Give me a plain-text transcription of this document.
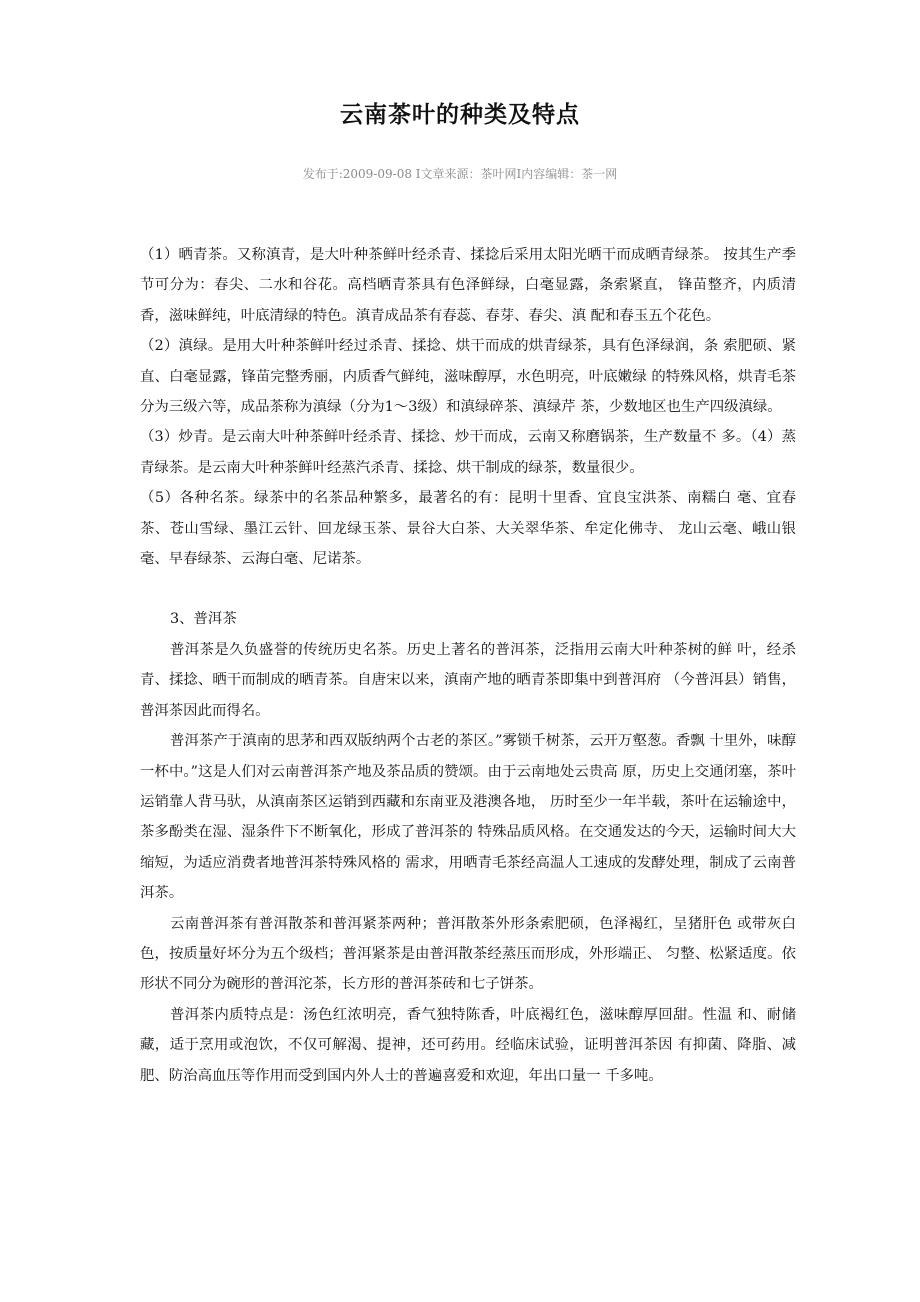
云南茶叶的种类及特点
发布于:2009-09-08 I文章来源：茶叶网I内容编辑：茶一网

（1）晒青茶。又称滇青，是大叶种茶鲜叶经杀青、揉捻后采用太阳光晒干而成晒青绿茶。 按其生产季节可分为：春尖、二水和谷花。高档晒青茶具有色泽鲜绿，白毫显露，条索紧直， 锋苗整齐，内质清香，滋味鲜纯，叶底清绿的特色。滇青成品茶有春蕊、春芽、春尖、滇 配和春玉五个花色。

（2）滇绿。是用大叶种茶鲜叶经过杀青、揉捻、烘干而成的烘青绿茶，具有色泽绿润，条 索肥硕、紧直、白毫显露，锋苗完整秀丽，内质香气鲜纯，滋味醇厚，水色明亮，叶底嫩绿 的特殊风格，烘青毛茶分为三级六等，成品茶称为滇绿（分为1～3级）和滇绿碎茶、滇绿芹 茶，少数地区也生产四级滇绿。

（3）炒青。是云南大叶种茶鲜叶经杀青、揉捻、炒干而成，云南又称磨锅茶，生产数量不 多。（4）蒸青绿茶。是云南大叶种茶鲜叶经蒸汽杀青、揉捻、烘干制成的绿茶，数量很少。

（5）各种名茶。绿茶中的名茶品种繁多，最著名的有：昆明十里香、宜良宝洪茶、南糯白 毫、宜春茶、苍山雪绿、墨江云针、回龙绿玉茶、景谷大白茶、大关翠华茶、牟定化佛寺、 龙山云毫、峨山银毫、早春绿茶、云海白毫、尼诺茶。

3、普洱茶

普洱茶是久负盛誉的传统历史名茶。历史上著名的普洱茶，泛指用云南大叶种茶树的鲜 叶，经杀青、揉捻、晒干而制成的晒青茶。自唐宋以来，滇南产地的晒青茶即集中到普洱府 （今普洱县）销售，普洱茶因此而得名。

普洱茶产于滇南的思茅和西双版纳两个古老的茶区。”雾锁千树茶，云开万壑葱。香飘 十里外，味醇一杯中。”这是人们对云南普洱茶产地及茶品质的赞颂。由于云南地处云贵高 原，历史上交通闭塞，茶叶运销靠人背马驮，从滇南茶区运销到西藏和东南亚及港澳各地， 历时至少一年半载，茶叶在运输途中，茶多酚类在湿、湿条件下不断氧化，形成了普洱茶的 特殊品质风格。在交通发达的今天，运输时间大大缩短，为适应消费者地普洱茶特殊风格的 需求，用晒青毛茶经高温人工速成的发酵处理，制成了云南普洱茶。

云南普洱茶有普洱散茶和普洱紧茶两种；普洱散茶外形条索肥硕，色泽褐红，呈猪肝色 或带灰白色，按质量好坏分为五个级档；普洱紧茶是由普洱散茶经蒸压而形成，外形端正、 匀整、松紧适度。依形状不同分为碗形的普洱沱茶，长方形的普洱茶砖和七子饼茶。

普洱茶内质特点是：汤色红浓明亮，香气独特陈香，叶底褐红色，滋味醇厚回甜。性温 和、耐储藏，适于烹用或泡饮，不仅可解渴、提神，还可药用。经临床试验，证明普洱茶因 有抑菌、降脂、减肥、防治高血压等作用而受到国内外人士的普遍喜爱和欢迎，年出口量一 千多吨。
